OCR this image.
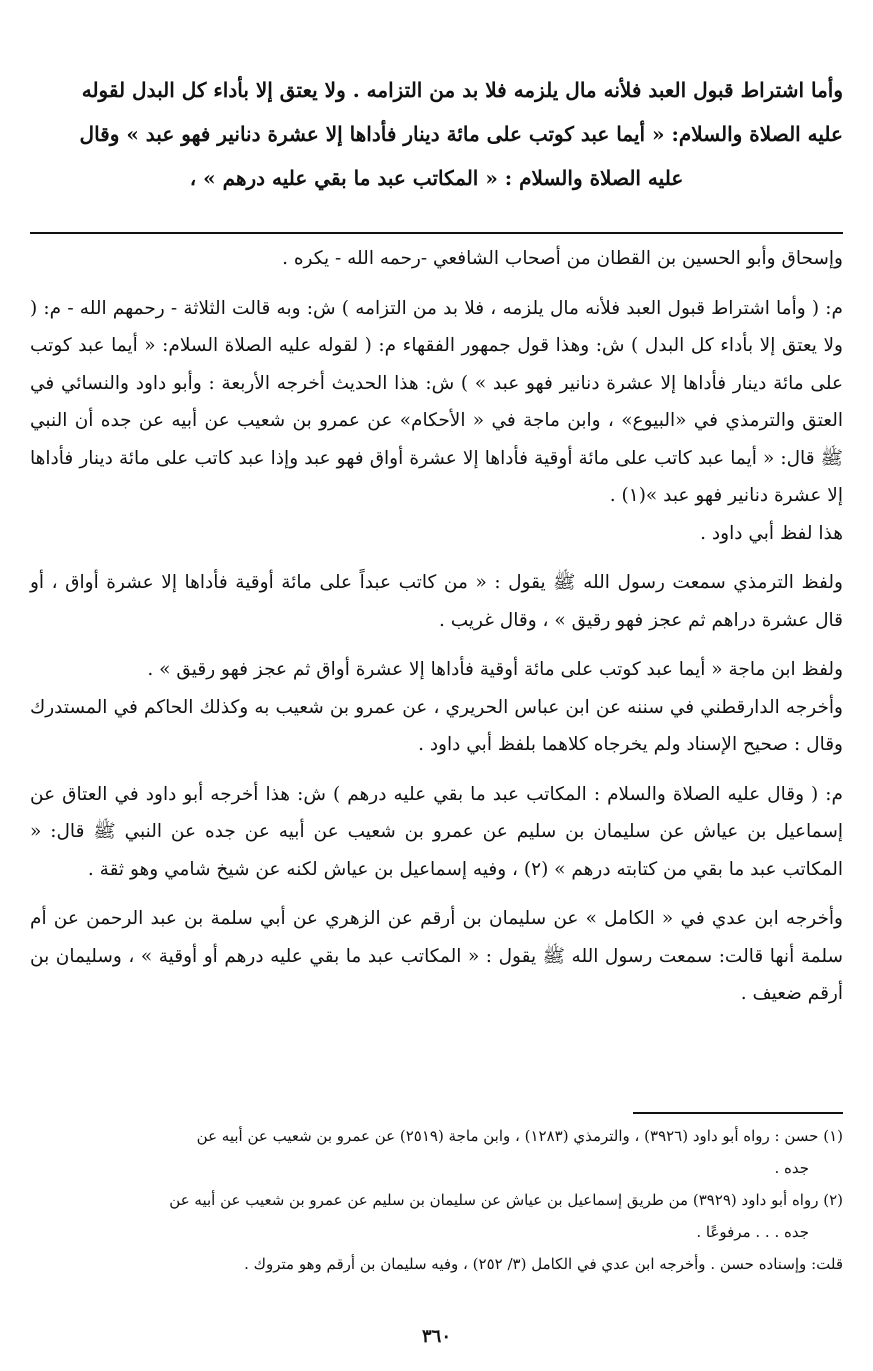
وأما اشتراط قبول العبد فلأنه مال يلزمه فلا بد من التزامه . ولا يعتق إلا بأداء كل البدل لقوله

عليه الصلاة والسلام: « أيما عبد كوتب على مائة دينار فأداها إلا عشرة دنانير فهو عبد » وقال

عليه الصلاة والسلام : « المكاتب عبد ما بقي عليه درهم » ،

وإسحاق وأبو الحسين بن القطان من أصحاب الشافعي -رحمه الله - يكره .

م: ( وأما اشتراط قبول العبد فلأنه مال يلزمه ، فلا بد من التزامه ) ش: وبه قالت الثلاثة - رحمهم الله - م: ( ولا يعتق إلا بأداء كل البدل ) ش: وهذا قول جمهور الفقهاء م: ( لقوله عليه الصلاة السلام: « أيما عبد كوتب على مائة دينار فأداها إلا عشرة دنانير فهو عبد » ) ش: هذا الحديث أخرجه الأربعة : وأبو داود والنسائي في العتق والترمذي في «البيوع» ، وابن ماجة في « الأحكام» عن عمرو بن شعيب عن أبيه عن جده أن النبي ﷺ قال: « أيما عبد كاتب على مائة أوقية فأداها إلا عشرة أواق فهو عبد وإذا عبد كاتب على مائة دينار فأداها إلا عشرة دنانير فهو عبد »(١) .

هذا لفظ أبي داود .

ولفظ الترمذي سمعت رسول الله ﷺ يقول : « من كاتب عبداً على مائة أوقية فأداها إلا عشرة أواق ، أو قال عشرة دراهم ثم عجز فهو رقيق » ، وقال غريب .

ولفظ ابن ماجة « أيما عبد كوتب على مائة أوقية فأداها إلا عشرة أواق ثم عجز فهو رقيق » .

وأخرجه الدارقطني في سننه عن ابن عباس الحريري ، عن عمرو بن شعيب به وكذلك الحاكم في المستدرك وقال : صحيح الإسناد ولم يخرجاه كلاهما بلفظ أبي داود .

م: ( وقال عليه الصلاة والسلام : المكاتب عبد ما بقي عليه درهم ) ش: هذا أخرجه أبو داود في العتاق عن إسماعيل بن عياش عن سليمان بن سليم عن عمرو بن شعيب عن أبيه عن جده عن النبي ﷺ قال: « المكاتب عبد ما بقي من كتابته درهم » (٢) ، وفيه إسماعيل بن عياش لكنه عن شيخ شامي وهو ثقة .

وأخرجه ابن عدي في « الكامل » عن سليمان بن أرقم عن الزهري عن أبي سلمة بن عبد الرحمن عن أم سلمة أنها قالت: سمعت رسول الله ﷺ يقول : « المكاتب عبد ما بقي عليه درهم أو أوقية » ، وسليمان بن أرقم ضعيف .

(١) حسن : رواه أبو داود (٣٩٢٦) ، والترمذي (١٢٨٣) ، وابن ماجة (٢٥١٩) عن عمرو بن شعيب عن أبيه عن

جده .

(٢) رواه أبو داود (٣٩٢٩) من طريق إسماعيل بن عياش عن سليمان بن سليم عن عمرو بن شعيب عن أبيه عن

جده . . . مرفوعًا .

قلت: وإسناده حسن . وأخرجه ابن عدي في الكامل (٣/ ٢٥٢) ، وفيه سليمان بن أرقم وهو متروك .

٣٦٠
